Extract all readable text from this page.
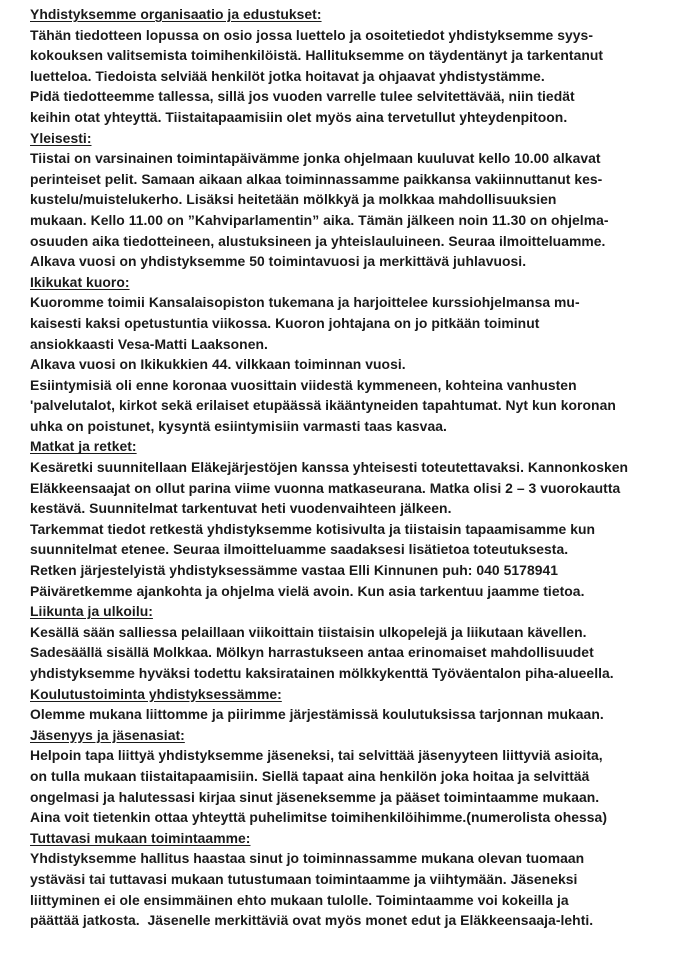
Yhdistyksemme organisaatio ja edustukset:
Tähän tiedotteen lopussa on osio jossa luettelo ja osoitetiedot yhdistyksemme syys-
kokouksen valitsemista toimihenkilöistä. Hallituksemme on täydentänyt ja tarkentanut
luetteloa. Tiedoista selviää henkilöt jotka hoitavat ja ohjaavat yhdistystämme.
Pidä tiedotteemme tallessa, sillä jos vuoden varrelle tulee selvitettävää, niin tiedät
keihin otat yhteyttä. Tiistaitapaamisiin olet myös aina tervetullut yhteydenpitoon.
Yleisesti:
Tiistai on varsinainen toimintapäivämme jonka ohjelmaan kuuluvat kello 10.00 alkavat
perinteiset pelit. Samaan aikaan alkaa toiminnassamme paikkansa vakiinnuttanut kes-
kustelu/muistelukerho. Lisäksi heitetään mölkkyä ja molkkaa mahdollisuuksien
mukaan. Kello 11.00 on ”Kahviparlamentin” aika. Tämän jälkeen noin 11.30 on ohjelma-
osuuden aika tiedotteineen, alustuksineen ja yhteislauluineen. Seuraa ilmoitteluamme.
Alkava vuosi on yhdistyksemme 50 toimintavuosi ja merkittävä juhlavuosi.
Ikikukat kuoro:
Kuoromme toimii Kansalaisopiston tukemana ja harjoittelee kurssiohjelmansa mu-
kaisesti kaksi opetustuntia viikossa. Kuoron johtajana on jo pitkään toiminut
ansiokkaasti Vesa-Matti Laaksonen.
Alkava vuosi on Ikikukkien 44. vilkkaan toiminnan vuosi.
Esiintymisiä oli enne koronaa vuosittain viidestä kymmeneen, kohteina vanhusten
'palvelutalot, kirkot sekä erilaiset etupäässä ikääntyneiden tapahtumat. Nyt kun koronan
uhka on poistunet, kysyntä esiintymisiin varmasti taas kasvaa.
Matkat ja retket:
Kesäretki suunnitellaan Eläkejärjestöjen kanssa yhteisesti toteutettavaksi. Kannonkosken
Eläkkeensaajat on ollut parina viime vuonna matkaseurana. Matka olisi 2 – 3 vuorokautta
kestävä. Suunnitelmat tarkentuvat heti vuodenvaihteen jälkeen.
Tarkemmat tiedot retkestä yhdistyksemme kotisivulta ja tiistaisin tapaamisamme kun
suunnitelmat etenee. Seuraa ilmoitteluamme saadaksesi lisätietoa toteutuksesta.
Retken järjestelyistä yhdistyksessämme vastaa Elli Kinnunen puh: 040 5178941
Päiväretkemme ajankohta ja ohjelma vielä avoin. Kun asia tarkentuu jaamme tietoa.
Liikunta ja ulkoilu:
Kesällä sään salliessa pelaillaan viikoittain tiistaisin ulkopelejä ja liikutaan kävellen.
Sadesäällä sisällä Molkkaa. Mölkyn harrastukseen antaa erinomaiset mahdollisuudet
yhdistyksemme hyväksi todettu kaksiratainen mölkkykenttä Työväentalon piha-alueella.
Koulutustoiminta yhdistyksessämme:
Olemme mukana liittomme ja piirimme järjestämissä koulutuksissa tarjonnan mukaan.
Jäsenyys ja jäsenasiat:
Helpoin tapa liittyä yhdistyksemme jäseneksi, tai selvittää jäsenyyteen liittyviä asioita,
on tulla mukaan tiistaitapaamisiin. Siellä tapaat aina henkilön joka hoitaa ja selvittää
ongelmasi ja halutessasi kirjaa sinut jäseneksemme ja pääset toimintaamme mukaan.
Aina voit tietenkin ottaa yhteyttä puhelimitse toimihenkilöihimme.(numerolista ohessa)
Tuttavasi mukaan toimintaamme:
Yhdistyksemme hallitus haastaa sinut jo toiminnassamme mukana olevan tuomaan
ystäväsi tai tuttavasi mukaan tutustumaan toimintaamme ja viihtymään. Jäseneksi
liittyminen ei ole ensimmäinen ehto mukaan tulolle. Toimintaamme voi kokeilla ja
päättää jatkosta.  Jäsenelle merkittäviä ovat myös monet edut ja Eläkkeensaaja-lehti.
